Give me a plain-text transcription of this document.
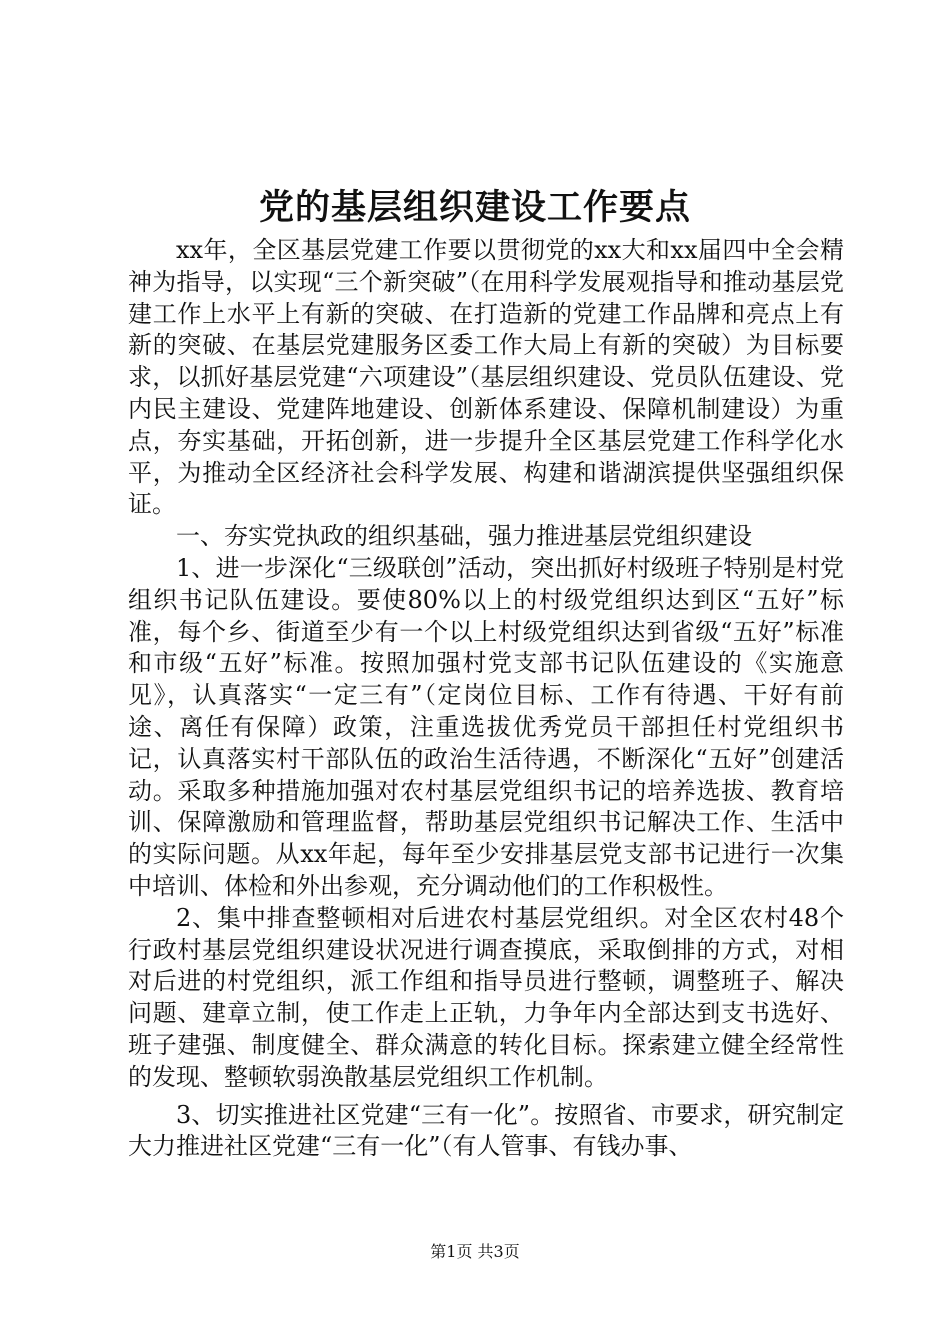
党的基层组织建设工作要点

xx年，全区基层党建工作要以贯彻党的xx大和xx届四中全会精神为指导，以实现“三个新突破”（在用科学发展观指导和推动基层党建工作上水平上有新的突破、在打造新的党建工作品牌和亮点上有新的突破、在基层党建服务区委工作大局上有新的突破）为目标要求，以抓好基层党建“六项建设”（基层组织建设、党员队伍建设、党内民主建设、党建阵地建设、创新体系建设、保障机制建设）为重点，夯实基础，开拓创新，进一步提升全区基层党建工作科学化水平，为推动全区经济社会科学发展、构建和谐湖滨提供坚强组织保证。

一、夯实党执政的组织基础，强力推进基层党组织建设

1、进一步深化“三级联创”活动，突出抓好村级班子特别是村党组织书记队伍建设。要使80%以上的村级党组织达到区“五好”标准，每个乡、街道至少有一个以上村级党组织达到省级“五好”标准和市级“五好”标准。按照加强村党支部书记队伍建设的《实施意见》，认真落实“一定三有”（定岗位目标、工作有待遇、干好有前途、离任有保障）政策，注重选拔优秀党员干部担任村党组织书记，认真落实村干部队伍的政治生活待遇，不断深化“五好”创建活动。采取多种措施加强对农村基层党组织书记的培养选拔、教育培训、保障激励和管理监督，帮助基层党组织书记解决工作、生活中的实际问题。从xx年起，每年至少安排基层党支部书记进行一次集中培训、体检和外出参观，充分调动他们的工作积极性。

2、集中排查整顿相对后进农村基层党组织。对全区农村48个行政村基层党组织建设状况进行调查摸底，采取倒排的方式，对相对后进的村党组织，派工作组和指导员进行整顿，调整班子、解决问题、建章立制，使工作走上正轨，力争年内全部达到支书选好、班子建强、制度健全、群众满意的转化目标。探索建立健全经常性的发现、整顿软弱涣散基层党组织工作机制。

3、切实推进社区党建“三有一化”。按照省、市要求，研究制定大力推进社区党建“三有一化”（有人管事、有钱办事、

第1页 共3页
